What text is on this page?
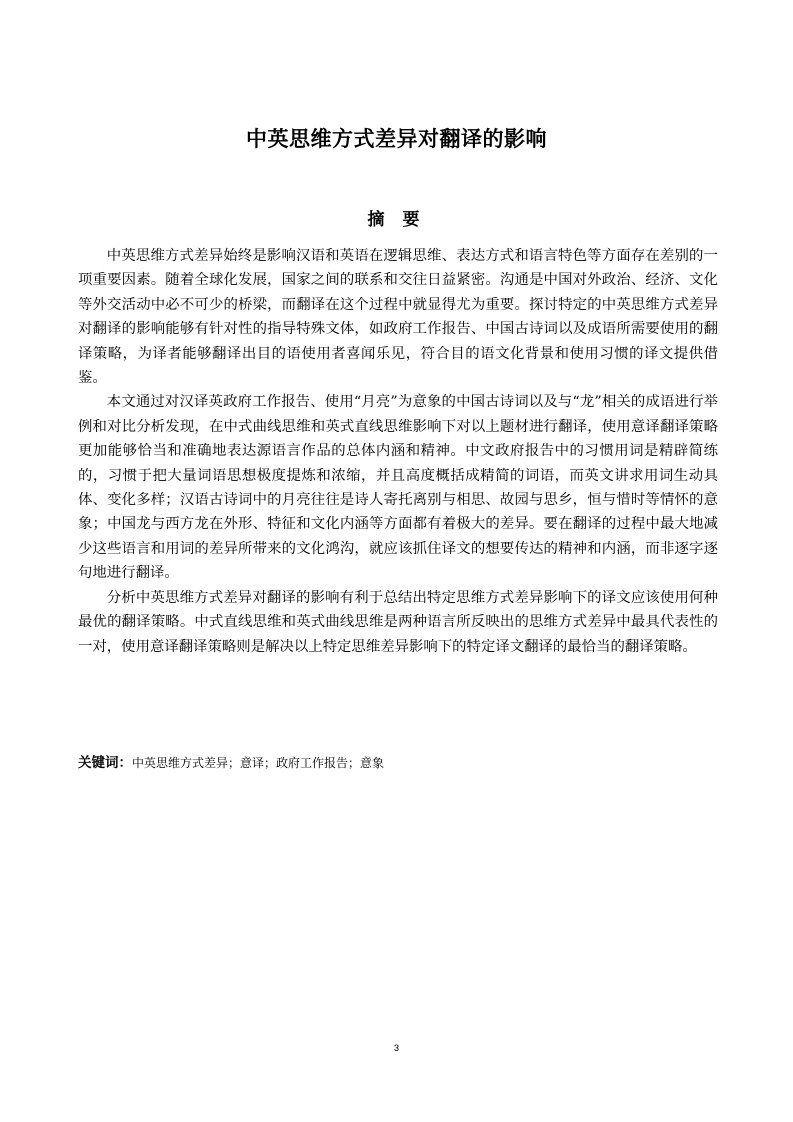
中英思维方式差异对翻译的影响
摘 要

中英思维方式差异始终是影响汉语和英语在逻辑思维、表达方式和语言特色等方面存在差别的一项重要因素。随着全球化发展，国家之间的联系和交往日益紧密。沟通是中国对外政治、经济、文化等外交活动中必不可少的桥梁，而翻译在这个过程中就显得尤为重要。探讨特定的中英思维方式差异对翻译的影响能够有针对性的指导特殊文体，如政府工作报告、中国古诗词以及成语所需要使用的翻译策略，为译者能够翻译出目的语使用者喜闻乐见，符合目的语文化背景和使用习惯的译文提供借鉴。

本文通过对汉译英政府工作报告、使用“月亮”为意象的中国古诗词以及与“龙”相关的成语进行举例和对比分析发现，在中式曲线思维和英式直线思维影响下对以上题材进行翻译，使用意译翻译策略更加能够恰当和准确地表达源语言作品的总体内涵和精神。中文政府报告中的习惯用词是精辟简练的，习惯于把大量词语思想极度提炼和浓缩，并且高度概括成精简的词语，而英文讲求用词生动具体、变化多样；汉语古诗词中的月亮往往是诗人寄托离别与相思、故园与思乡，恒与惜时等情怀的意象；中国龙与西方龙在外形、特征和文化内涵等方面都有着极大的差异。要在翻译的过程中最大地减少这些语言和用词的差异所带来的文化鸿沟，就应该抓住译文的想要传达的精神和内涵，而非逐字逐句地进行翻译。

分析中英思维方式差异对翻译的影响有利于总结出特定思维方式差异影响下的译文应该使用何种最优的翻译策略。中式直线思维和英式曲线思维是两种语言所反映出的思维方式差异中最具代表性的一对，使用意译翻译策略则是解决以上特定思维差异影响下的特定译文翻译的最恰当的翻译策略。

关键词：中英思维方式差异；意译；政府工作报告；意象
3
